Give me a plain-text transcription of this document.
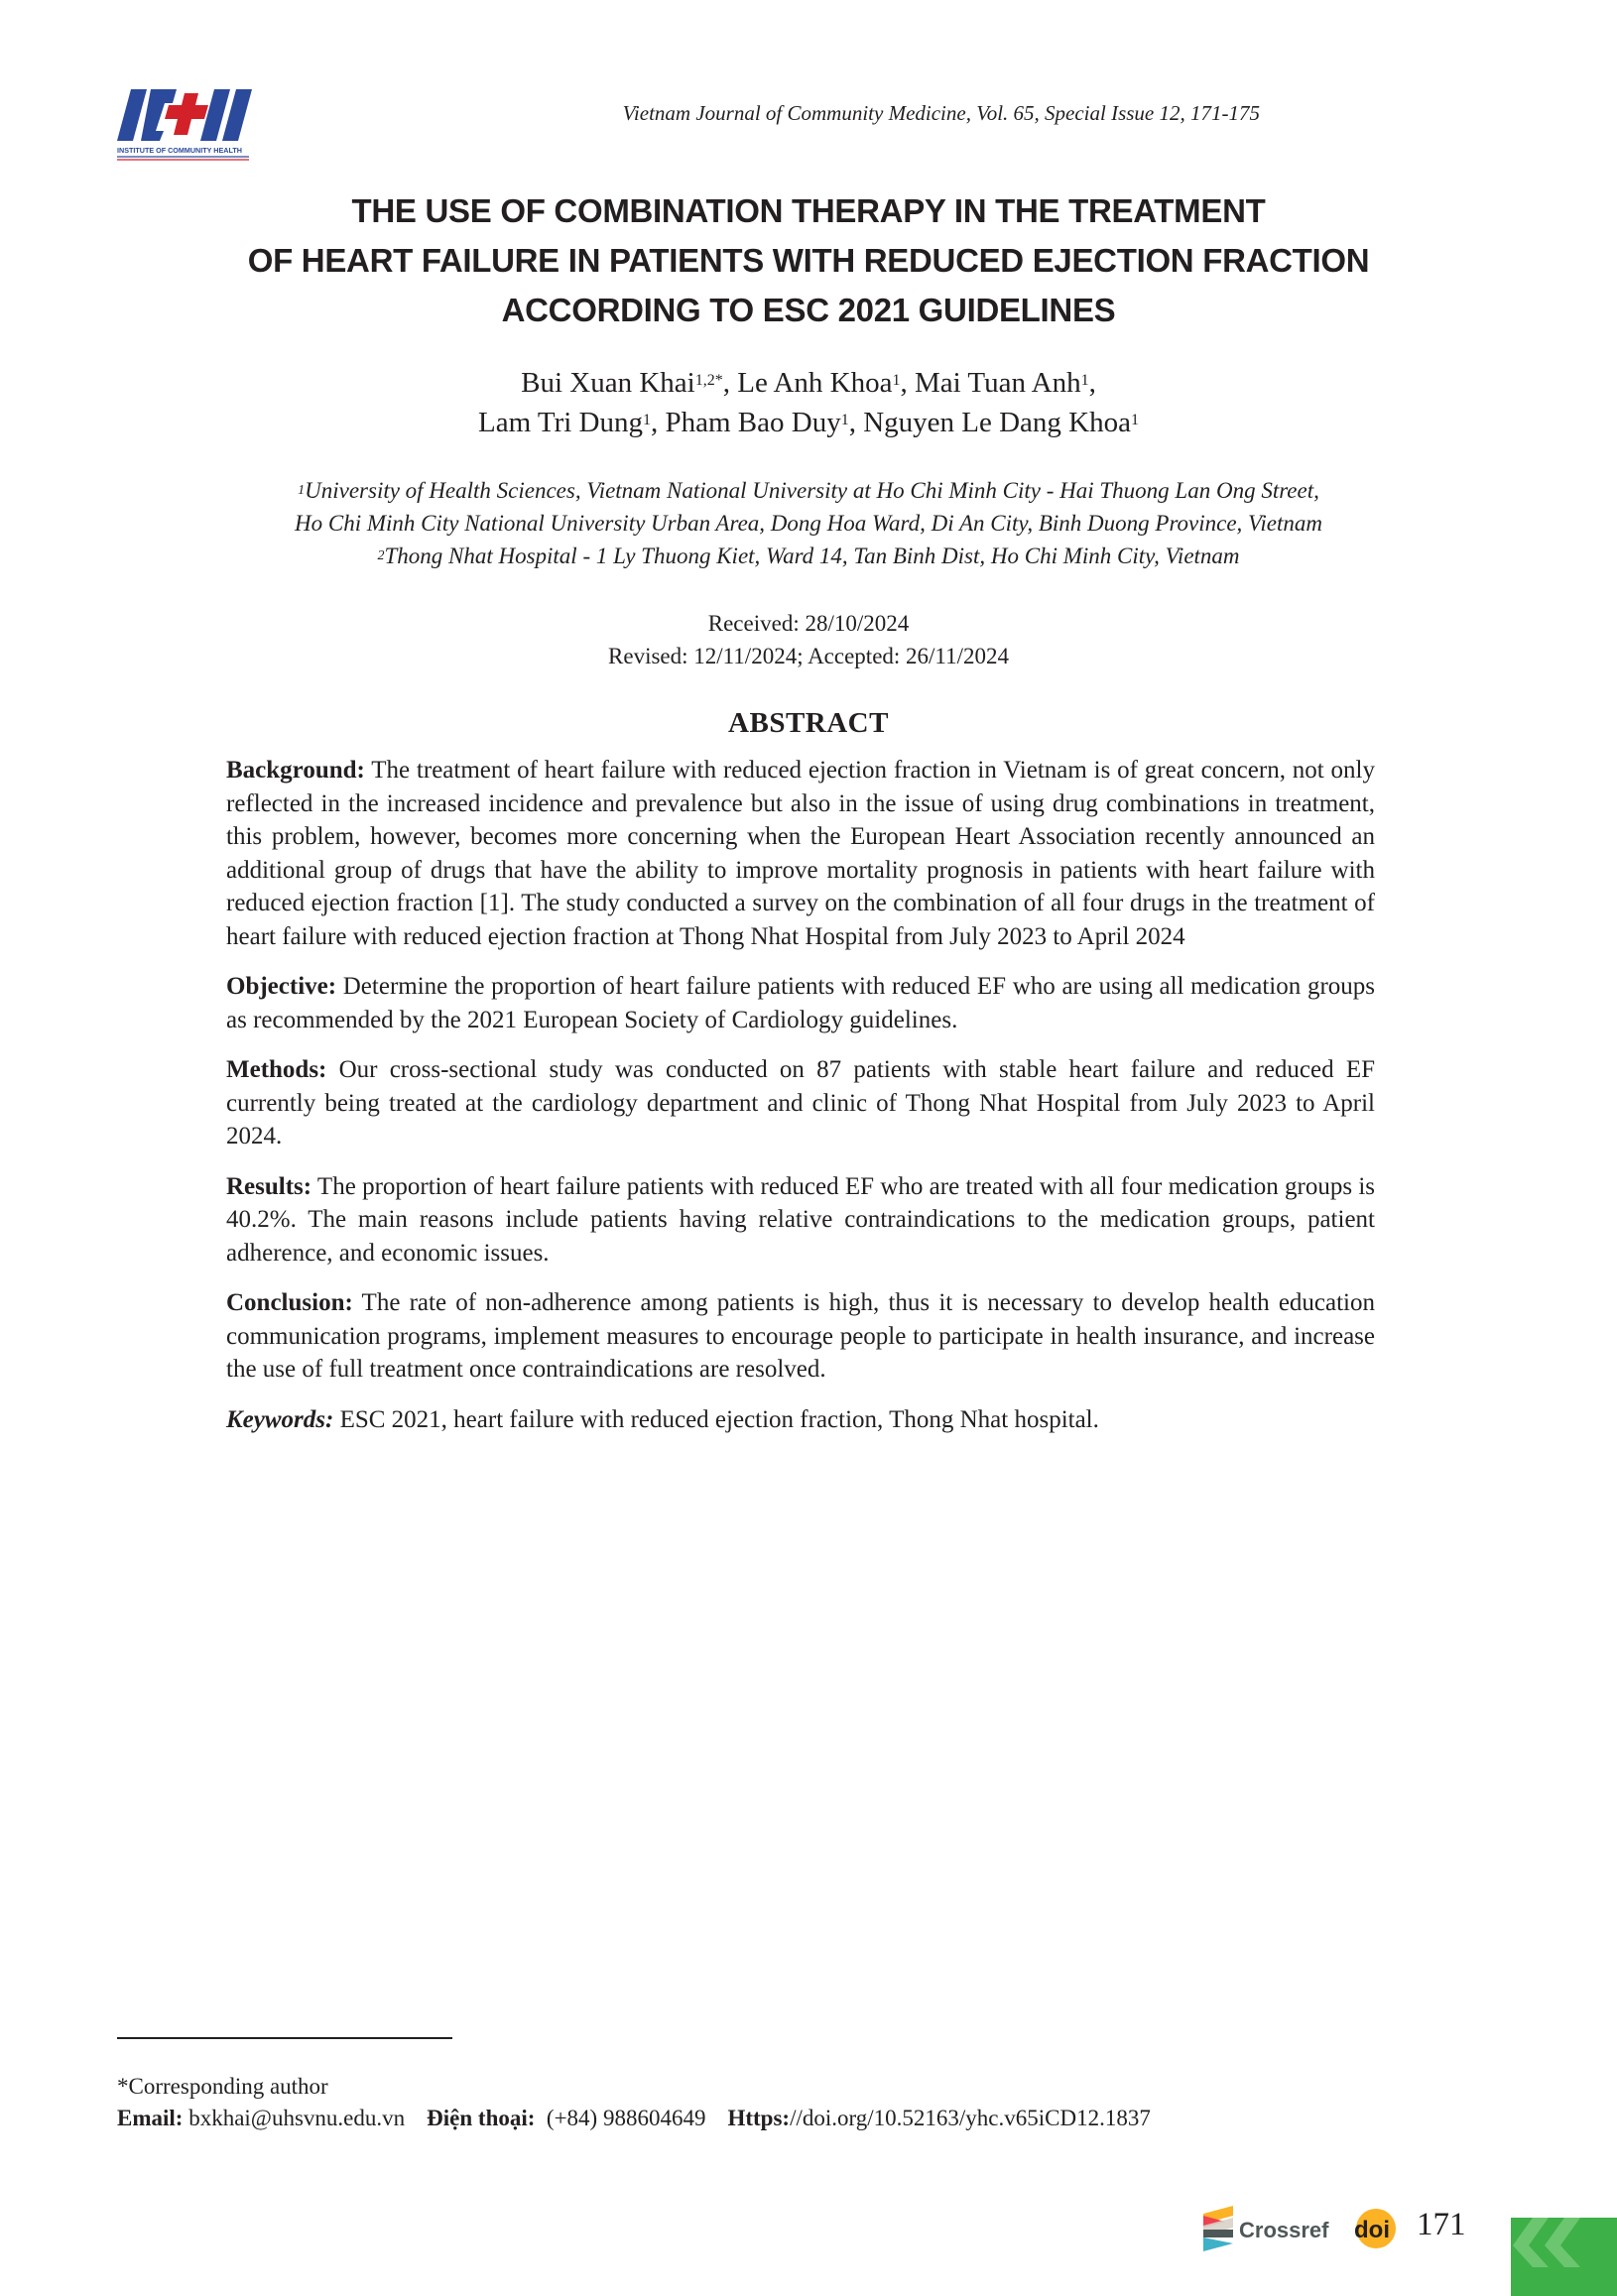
INSTITUTE OF COMMUNITY HEALTH
Vietnam Journal of Community Medicine, Vol. 65, Special Issue 12, 171-175
THE USE OF COMBINATION THERAPY IN THE TREATMENT
OF HEART FAILURE IN PATIENTS WITH REDUCED EJECTION FRACTION
ACCORDING TO ESC 2021 GUIDELINES
Bui Xuan Khai$^{1,2*}$, Le Anh Khoa$^1$, Mai Tuan Anh$^1$,
Lam Tri Dung$^1$, Pham Bao Duy$^1$, Nguyen Le Dang Khoa$^1$
$^1$University of Health Sciences, Vietnam National University at Ho Chi Minh City - Hai Thuong Lan Ong Street,
Ho Chi Minh City National University Urban Area, Dong Hoa Ward, Di An City, Binh Duong Province, Vietnam
$^2$Thong Nhat Hospital - 1 Ly Thuong Kiet, Ward 14, Tan Binh Dist, Ho Chi Minh City, Vietnam
Received: 28/10/2024
Revised: 12/11/2024; Accepted: 26/11/2024
ABSTRACT

Background: The treatment of heart failure with reduced ejection fraction in Vietnam is of great concern, not only reflected in the increased incidence and prevalence but also in the issue of using drug combinations in treatment, this problem, however, becomes more concerning when the European Heart Association recently announced an additional group of drugs that have the ability to improve mortality prognosis in patients with heart failure with reduced ejection fraction [1]. The study conducted a survey on the combination of all four drugs in the treatment of heart failure with reduced ejection fraction at Thong Nhat Hospital from July 2023 to April 2024

Objective: Determine the proportion of heart failure patients with reduced EF who are using all medication groups as recommended by the 2021 European Society of Cardiology guidelines.

Methods: Our cross-sectional study was conducted on 87 patients with stable heart failure and reduced EF currently being treated at the cardiology department and clinic of Thong Nhat Hospital from July 2023 to April 2024.

Results: The proportion of heart failure patients with reduced EF who are treated with all four medication groups is 40.2%. The main reasons include patients having relative contraindications to the medication groups, patient adherence, and economic issues.

Conclusion: The rate of non-adherence among patients is high, thus it is necessary to develop health education communication programs, implement measures to encourage people to participate in health insurance, and increase the use of full treatment once contraindications are resolved.

Keywords: ESC 2021, heart failure with reduced ejection fraction, Thong Nhat hospital.

*Corresponding author
Email: bxkhai@uhsvnu.edu.vn Điện thoại:  (+84) 988604649 Https://doi.org/10.52163/yhc.v65iCD12.1837
Crossref doi 171
